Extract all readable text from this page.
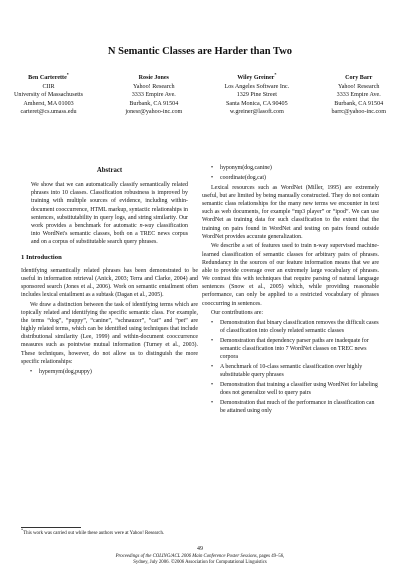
N Semantic Classes are Harder than Two
Ben Carterette*
CIIR
University of Massachusetts
Amherst, MA 01003
carteret@cs.umass.edu
Rosie Jones
Yahoo! Research
3333 Empire Ave.
Burbank, CA 91504
jonesr@yahoo-inc.com
Wiley Greiner*
Los Angeles Software Inc.
1329 Pine Street
Santa Monica, CA 90405
w.greiner@lasoft.com
Cory Barr
Yahoo! Research
3333 Empire Ave.
Burbank, CA 91504
barrc@yahoo-inc.com
Abstract

We show that we can automatically classify semantically related phrases into 10 classes. Classification robustness is improved by training with multiple sources of evidence, including within-document cooccurrence, HTML markup, syntactic relationships in sentences, substitutability in query logs, and string similarity. Our work provides a benchmark for automatic n-way classification into WordNet's semantic classes, both on a TREC news corpus and on a corpus of substitutable search query phrases.

1 Introduction

Identifying semantically related phrases has been demonstrated to be useful in information retrieval (Anick, 2003; Terra and Clarke, 2004) and sponsored search (Jones et al., 2006). Work on semantic entailment often includes lexical entailment as a subtask (Dagan et al., 2005).

We draw a distinction between the task of identifying terms which are topically related and identifying the specific semantic class. For example, the terms “dog”, “puppy”, “canine”, “schnauzer”, “cat” and “pet” are highly related terms, which can be identified using techniques that include distributional similarity (Lee, 1999) and within-document cooccurrence measures such as pointwise mutual information (Turney et al., 2003). These techniques, however, do not allow us to distinguish the more specific relationships:

• hypernym(dog,puppy)
*This work was carried out while these authors were at Yahoo! Research.
• hyponym(dog,canine)
• coordinate(dog,cat)

Lexical resources such as WordNet (Miller, 1995) are extremely useful, but are limited by being manually constructed. They do not contain semantic class relationships for the many new terms we encounter in text such as web documents, for example “mp3 player” or “ipod”. We can use WordNet as training data for such classification to the extent that the training on pairs found in WordNet and testing on pairs found outside WordNet provides accurate generalization.

We describe a set of features used to train n-way supervised machine-learned classification of semantic classes for arbitrary pairs of phrases. Redundancy in the sources of our feature information means that we are able to provide coverage over an extremely large vocabulary of phrases. We contrast this with techniques that require parsing of natural language sentences (Snow et al., 2005) which, while providing reasonable performance, can only be applied to a restricted vocabulary of phrases cooccurring in sentences.

Our contributions are:

• Demonstration that binary classification removes the difficult cases of classification into closely related semantic classes
• Demonstration that dependency parser paths are inadequate for semantic classification into 7 WordNet classes on TREC news corpora
• A benchmark of 10-class semantic classification over highly substitutable query phrases
• Demonstration that training a classifier using WordNet for labeling does not generalize well to query pairs
• Demonstration that much of the performance in classification can be attained using only
49
Proceedings of the COLING/ACL 2006 Main Conference Poster Sessions, pages 49–56,
Sydney, July 2006. ©2006 Association for Computational Linguistics
